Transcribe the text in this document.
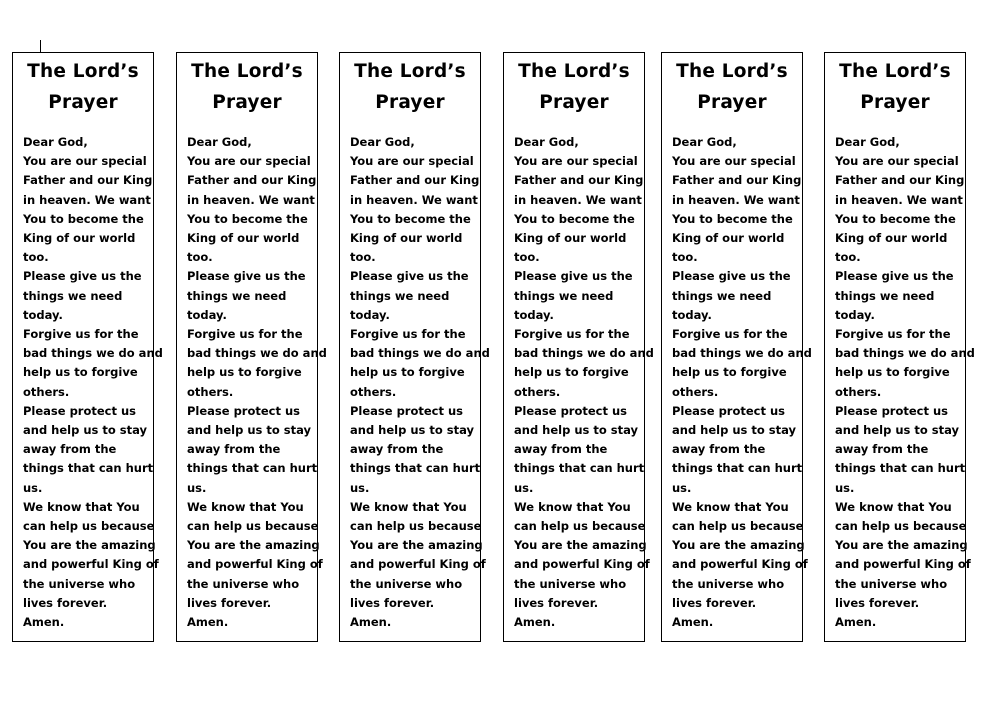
The Lord’s
Prayer
Dear God,
You are our special
Father and our King
in heaven. We want
You to become the
King of our world
too.
Please give us the
things we need
today.
Forgive us for the
bad things we do and
help us to forgive
others.
Please protect us
and help us to stay
away from the
things that can hurt
us.
We know that You
can help us because
You are the amazing
and powerful King of
the universe who
lives forever.
Amen.
The Lord’s
Prayer
Dear God,
You are our special
Father and our King
in heaven. We want
You to become the
King of our world
too.
Please give us the
things we need
today.
Forgive us for the
bad things we do and
help us to forgive
others.
Please protect us
and help us to stay
away from the
things that can hurt
us.
We know that You
can help us because
You are the amazing
and powerful King of
the universe who
lives forever.
Amen.
The Lord’s
Prayer
Dear God,
You are our special
Father and our King
in heaven. We want
You to become the
King of our world
too.
Please give us the
things we need
today.
Forgive us for the
bad things we do and
help us to forgive
others.
Please protect us
and help us to stay
away from the
things that can hurt
us.
We know that You
can help us because
You are the amazing
and powerful King of
the universe who
lives forever.
Amen.
The Lord’s
Prayer
Dear God,
You are our special
Father and our King
in heaven. We want
You to become the
King of our world
too.
Please give us the
things we need
today.
Forgive us for the
bad things we do and
help us to forgive
others.
Please protect us
and help us to stay
away from the
things that can hurt
us.
We know that You
can help us because
You are the amazing
and powerful King of
the universe who
lives forever.
Amen.
The Lord’s
Prayer
Dear God,
You are our special
Father and our King
in heaven. We want
You to become the
King of our world
too.
Please give us the
things we need
today.
Forgive us for the
bad things we do and
help us to forgive
others.
Please protect us
and help us to stay
away from the
things that can hurt
us.
We know that You
can help us because
You are the amazing
and powerful King of
the universe who
lives forever.
Amen.
The Lord’s
Prayer
Dear God,
You are our special
Father and our King
in heaven. We want
You to become the
King of our world
too.
Please give us the
things we need
today.
Forgive us for the
bad things we do and
help us to forgive
others.
Please protect us
and help us to stay
away from the
things that can hurt
us.
We know that You
can help us because
You are the amazing
and powerful King of
the universe who
lives forever.
Amen.
